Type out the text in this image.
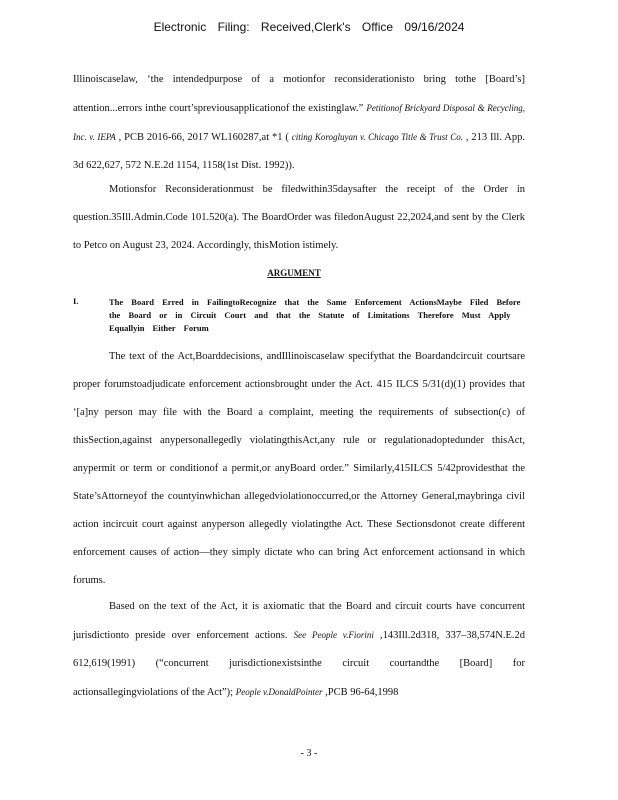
Electronic Filing: Received,Clerk's Office 09/16/2024
Illinoiscaselaw, ‘the intendedpurpose of a motionfor reconsiderationisto bring tothe [Board’s] attention...errors inthe court’spreviousapplicationof the existinglaw.” Petitionof Brickyard Disposal & Recycling, Inc. v. IEPA , PCB 2016-66, 2017 WL160287,at *1 ( citing Korogluyan v. Chicago Title & Trust Co. , 213 Ill. App. 3d 622,627, 572 N.E.2d 1154, 1158(1st Dist. 1992)).
Motionsfor Reconsiderationmust be filedwithin35daysafter the receipt of the Order in question.35Ill.Admin.Code 101.520(a). The BoardOrder was filedonAugust 22,2024,and sent by the Clerk to Petco on August 23, 2024. Accordingly, thisMotion istimely.
ARGUMENT
I.	The Board Erred in FailingtoRecognize that the Same Enforcement ActionsMaybe Filed Before the Board or in Circuit Court and that the Statute of Limitations Therefore Must Apply Equallyin Either Forum
The text of the Act,Boarddecisions, andIllinoiscaselaw specifythat the Boardandcircuit courtsare proper forumstoadjudicate enforcement actionsbrought under the Act. 415 ILCS 5/31(d)(1) provides that ‘[a]ny person may file with the Board a complaint, meeting the requirements of subsection(c) of thisSection,against anypersonallegedly violatingthisAct,any rule or regulationadoptedunder thisAct, anypermit or term or conditionof a permit,or anyBoard order.” Similarly,415ILCS 5/42providesthat the State’sAttorneyof the countyinwhichan allegedviolationoccurred,or the Attorney General,maybringa civil action incircuit court against anyperson allegedly violatingthe Act. These Sectionsdonot create different enforcement causes of action—they simply dictate who can bring Act enforcement actionsand in which forums.
Based on the text of the Act, it is axiomatic that the Board and circuit courts have concurrent jurisdictionto preside over enforcement actions. See People v.Fiorini ,143Ill.2d318, 337–38,574N.E.2d 612,619(1991) (“concurrent jurisdictionexistsinthe circuit courtandthe [Board] for actionsallegingviolations of the Act”); People v.DonaldPointer ,PCB 96-64,1998
- 3 -
